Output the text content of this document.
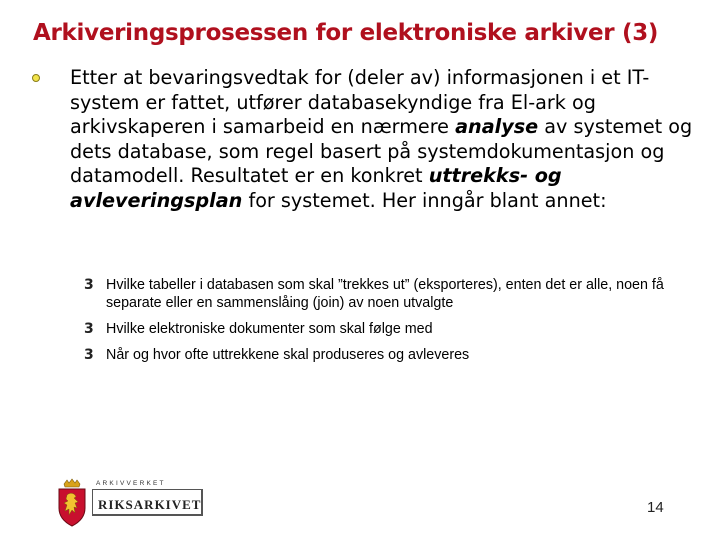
Arkiveringsprosessen for elektroniske arkiver (3)
Etter at bevaringsvedtak for (deler av) informasjonen i et IT-system er fattet, utfører databasekyndige fra El-ark og arkivskaperen i samarbeid en nærmere analyse av systemet og dets database, som regel basert på systemdokumentasjon og datamodell. Resultatet er en konkret uttrekks- og avleveringsplan for systemet. Her inngår blant annet:
3 Hvilke tabeller i databasen som skal ”trekkes ut” (eksporteres), enten det er alle, noen få separate eller en sammenslåing (join) av noen utvalgte
3 Hvilke elektroniske dokumenter som skal følge med
3 Når og hvor ofte uttrekkene skal produseres og avleveres
ARKIVVERKET
RIKSARKIVET	14
